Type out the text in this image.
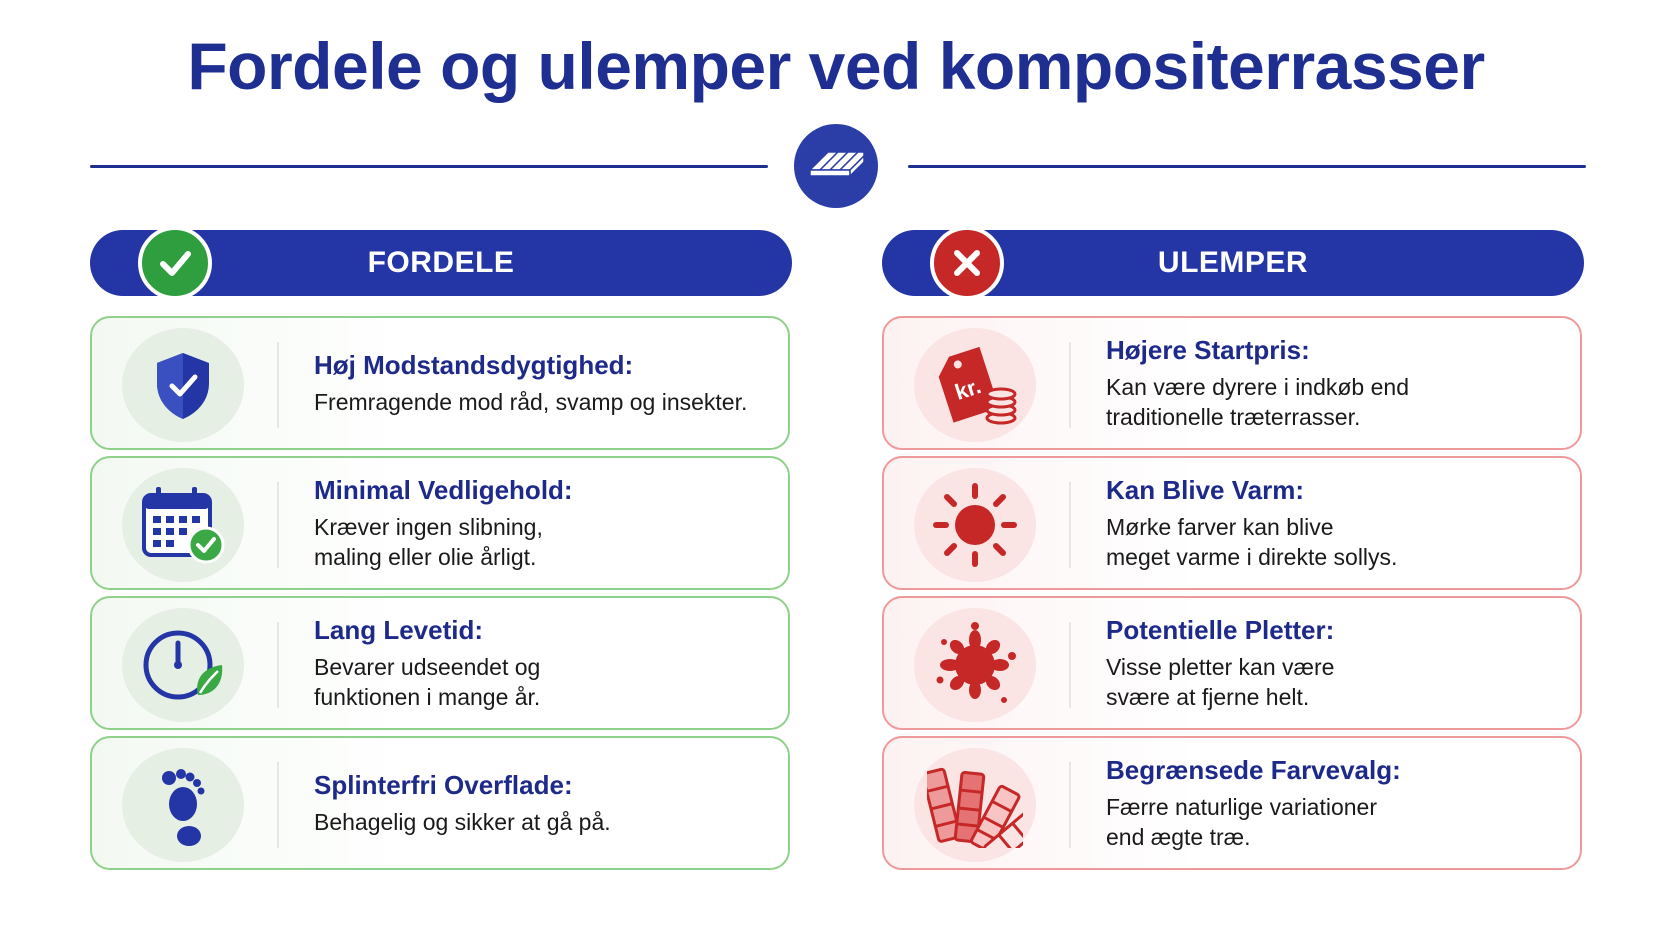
Fordele og ulemper ved kompositerrasser
FORDELE	ULEMPER
Høj Modstandsdygtighed:
Fremragende mod råd, svamp og insekter.
Minimal Vedligehold:
Kræver ingen slibning,
maling eller olie årligt.
Lang Levetid:
Bevarer udseendet og
funktionen i mange år.
Splinterfri Overflade:
Behagelig og sikker at gå på.
kr.
Højere Startpris:
Kan være dyrere i indkøb end
traditionelle træterrasser.
Kan Blive Varm:
Mørke farver kan blive
meget varme i direkte sollys.
Potentielle Pletter:
Visse pletter kan være
svære at fjerne helt.
Begrænsede Farvevalg:
Færre naturlige variationer
end ægte træ.
